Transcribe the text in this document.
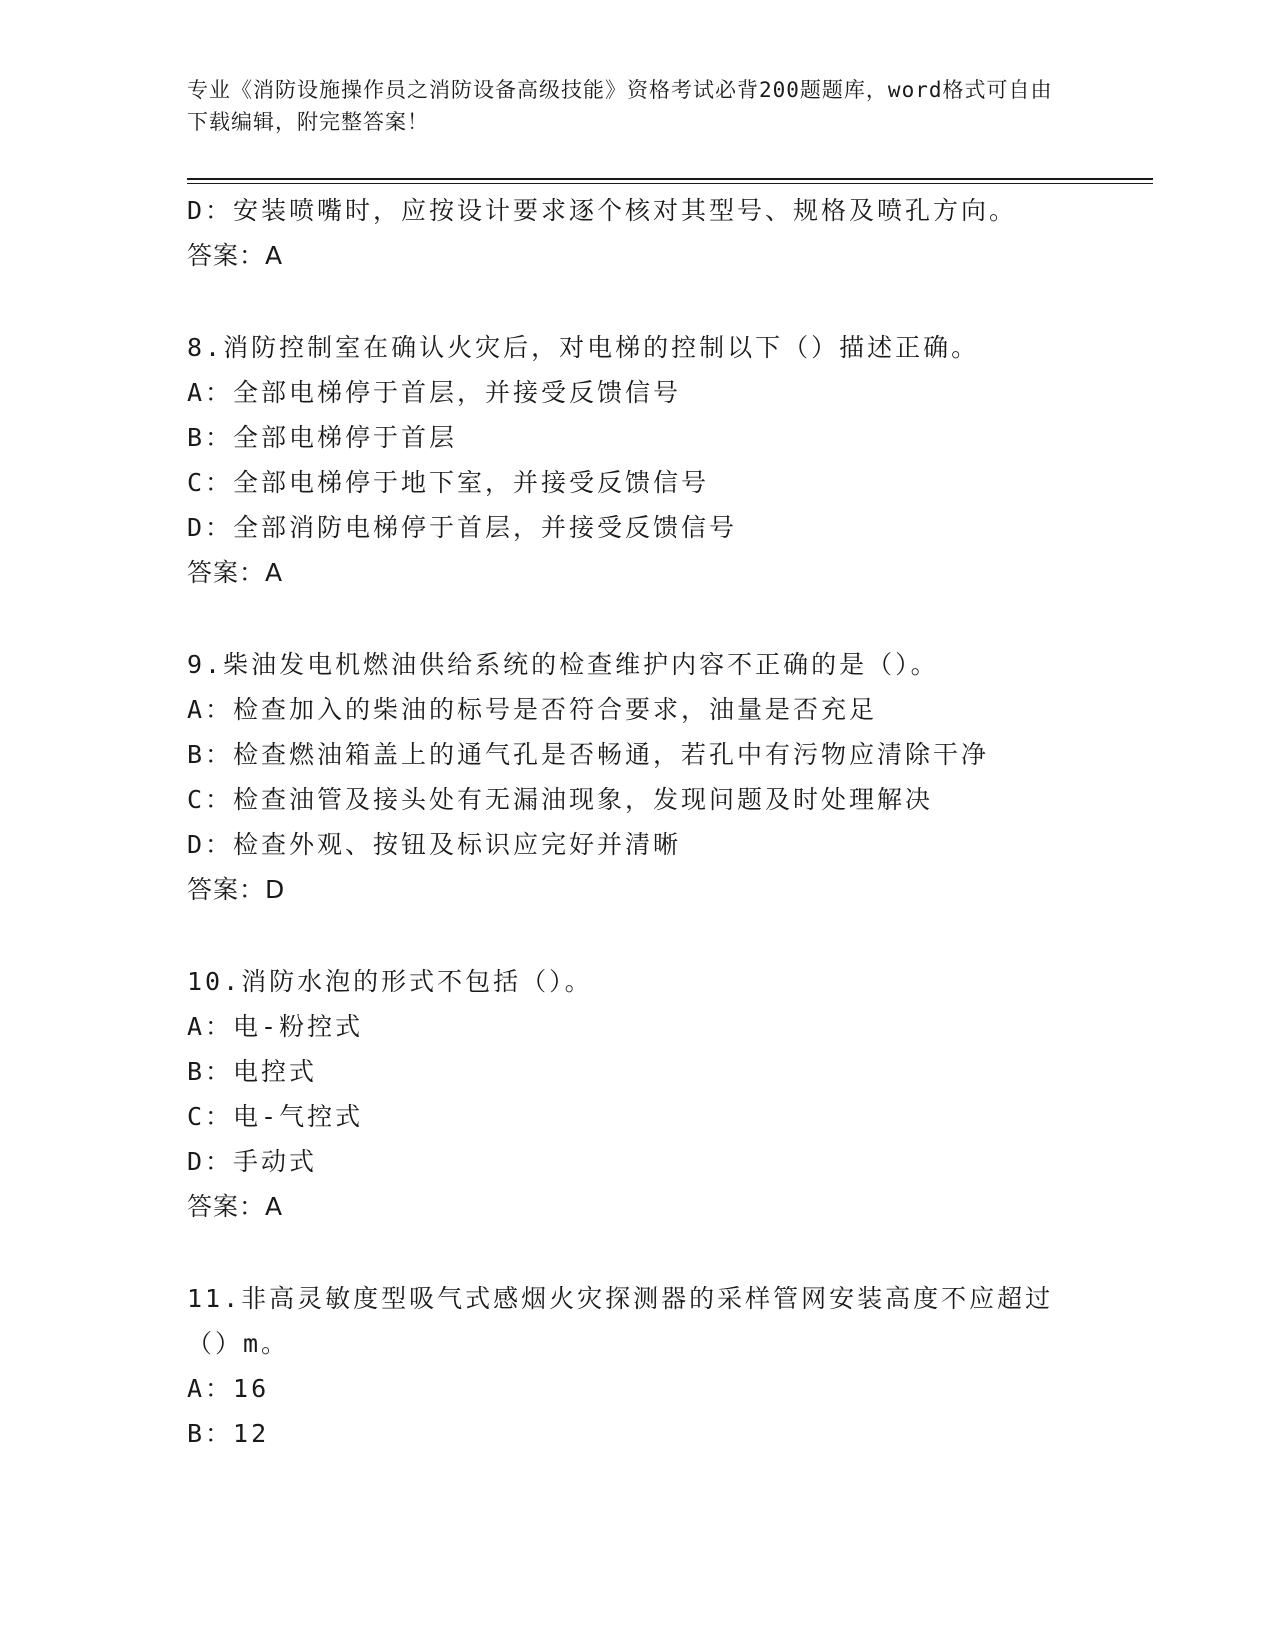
专业《消防设施操作员之消防设备高级技能》资格考试必背200题题库，word格式可自由下载编辑，附完整答案！

D：安装喷嘴时，应按设计要求逐个核对其型号、规格及喷孔方向。
答案：A
8.消防控制室在确认火灾后，对电梯的控制以下（）描述正确。
A：全部电梯停于首层，并接受反馈信号
B：全部电梯停于首层
C：全部电梯停于地下室，并接受反馈信号
D：全部消防电梯停于首层，并接受反馈信号
答案：A
9.柴油发电机燃油供给系统的检查维护内容不正确的是（）。
A：检查加入的柴油的标号是否符合要求，油量是否充足
B：检查燃油箱盖上的通气孔是否畅通，若孔中有污物应清除干净
C：检查油管及接头处有无漏油现象，发现问题及时处理解决
D：检查外观、按钮及标识应完好并清晰
答案：D
10.消防水泡的形式不包括（）。
A：电-粉控式
B：电控式
C：电-气控式
D：手动式
答案：A
11.非高灵敏度型吸气式感烟火灾探测器的采样管网安装高度不应超过
（）m。
A：16
B：12
